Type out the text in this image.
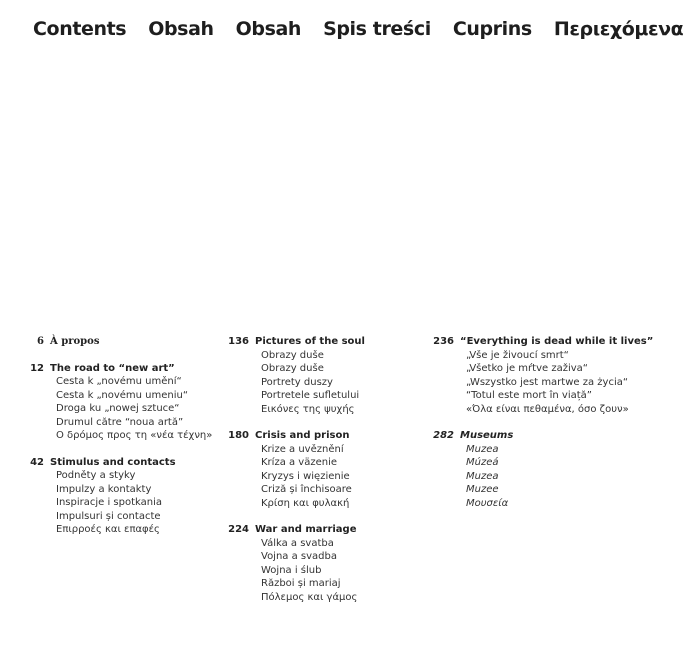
Contents Obsah Obsah Spis treści Cuprins Περιεχόμενα
6 À propos
12 The road to “new art”
Cesta k „novému umění“
Cesta k „novému umeniu“
Droga ku „nowej sztuce“
Drumul către “noua artă”
O δρόμος προς τη «νέα τέχνη»
42 Stimulus and contacts
Podněty a styky
Impulzy a kontakty
Inspiracje i spotkania
Impulsuri și contacte
Επιρροές και επαφές
136 Pictures of the soul
Obrazy duše
Obrazy duše
Portrety duszy
Portretele sufletului
Εικόνες της ψυχής
180 Crisis and prison
Krize a uvěznění
Kríza a väzenie
Kryzys i więzienie
Criză și închisoare
Κρίση και φυλακή
224 War and marriage
Válka a svatba
Vojna a svadba
Wojna i ślub
Război și mariaj
Πόλεμος και γάμος
236 “Everything is dead while it lives”
„Vše je živoucí smrt“
„Všetko je mŕtve zaživa“
„Wszystko jest martwe za życia“
“Totul este mort în viață”
«Όλα είναι πεθαμένα, όσο ζουν»
282 Museums
Muzea
Múzeá
Muzea
Muzee
Μουσεία
